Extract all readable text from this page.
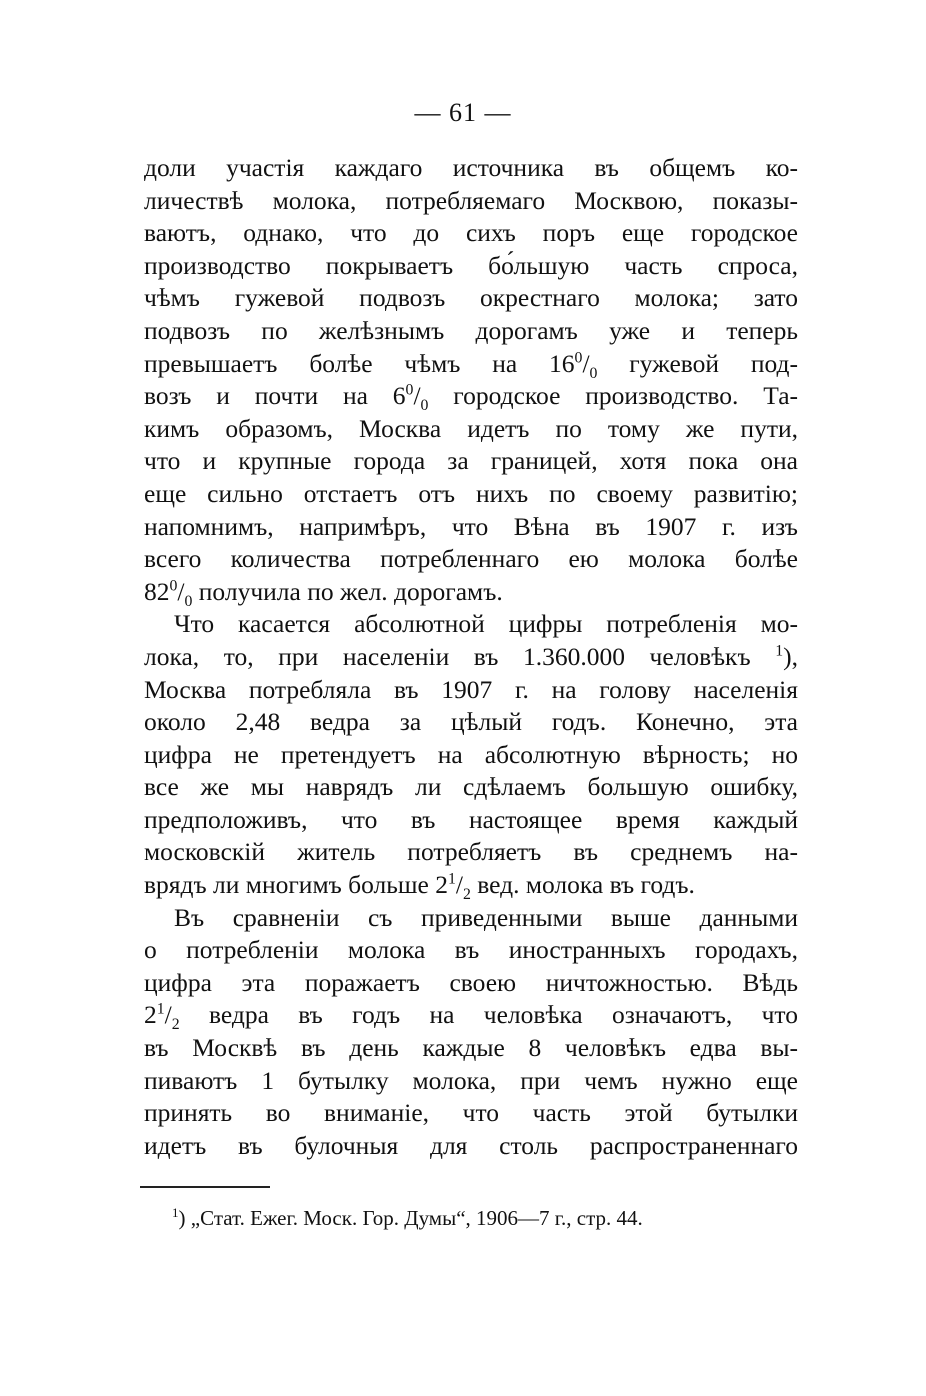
— 61 —
доли участія каждаго источника въ общемъ ко-
личествѣ молока, потребляемаго Москвою, показы-
ваютъ, однако, что до сихъ поръ еще городское
производство покрываетъ бо́льшую часть спроса,
чѣмъ гужевой подвозъ окрестнаго молока; зато
подвозъ по желѣзнымъ дорогамъ уже и теперь
превышаетъ болѣе чѣмъ на $16^0/_0$ гужевой под-
возъ и почти на $6^0/_0$ городское производство. Та-
кимъ образомъ, Москва идетъ по тому же пути,
что и крупные города за границей, хотя пока она
еще сильно отстаетъ отъ нихъ по своему развитію;
напомнимъ, напримѣръ, что Вѣна въ 1907 г. изъ
всего количества потребленнаго ею молока болѣе
$82^0/_0$ получила по жел. дорогамъ.
Что касается абсолютной цифры потребленія мо-
лока, то, при населеніи въ 1.360.000 человѣкъ $^1$),
Москва потребляла въ 1907 г. на голову населенія
около 2,48 ведра за цѣлый годъ. Конечно, эта
цифра не претендуетъ на абсолютную вѣрность; но
все же мы наврядъ ли сдѣлаемъ большую ошибку,
предположивъ, что въ настоящее время каждый
московскій житель потребляетъ въ среднемъ на-
врядъ ли многимъ больше $2^1/_2$ вед. молока въ годъ.
Въ сравненіи съ приведенными выше данными
о потребленіи молока въ иностранныхъ городахъ,
цифра эта поражаетъ своею ничтожностью. Вѣдь
$2^1/_2$ ведра въ годъ на человѣка означаютъ, что
въ Москвѣ въ день каждые 8 человѣкъ едва вы-
пиваютъ 1 бутылку молока, при чемъ нужно еще
принять во вниманіе, что часть этой бутылки
идетъ въ булочныя для столь распространеннаго
$^1$) „Стат. Ежег. Моск. Гор. Думы“, 1906—7 г., стр. 44.
